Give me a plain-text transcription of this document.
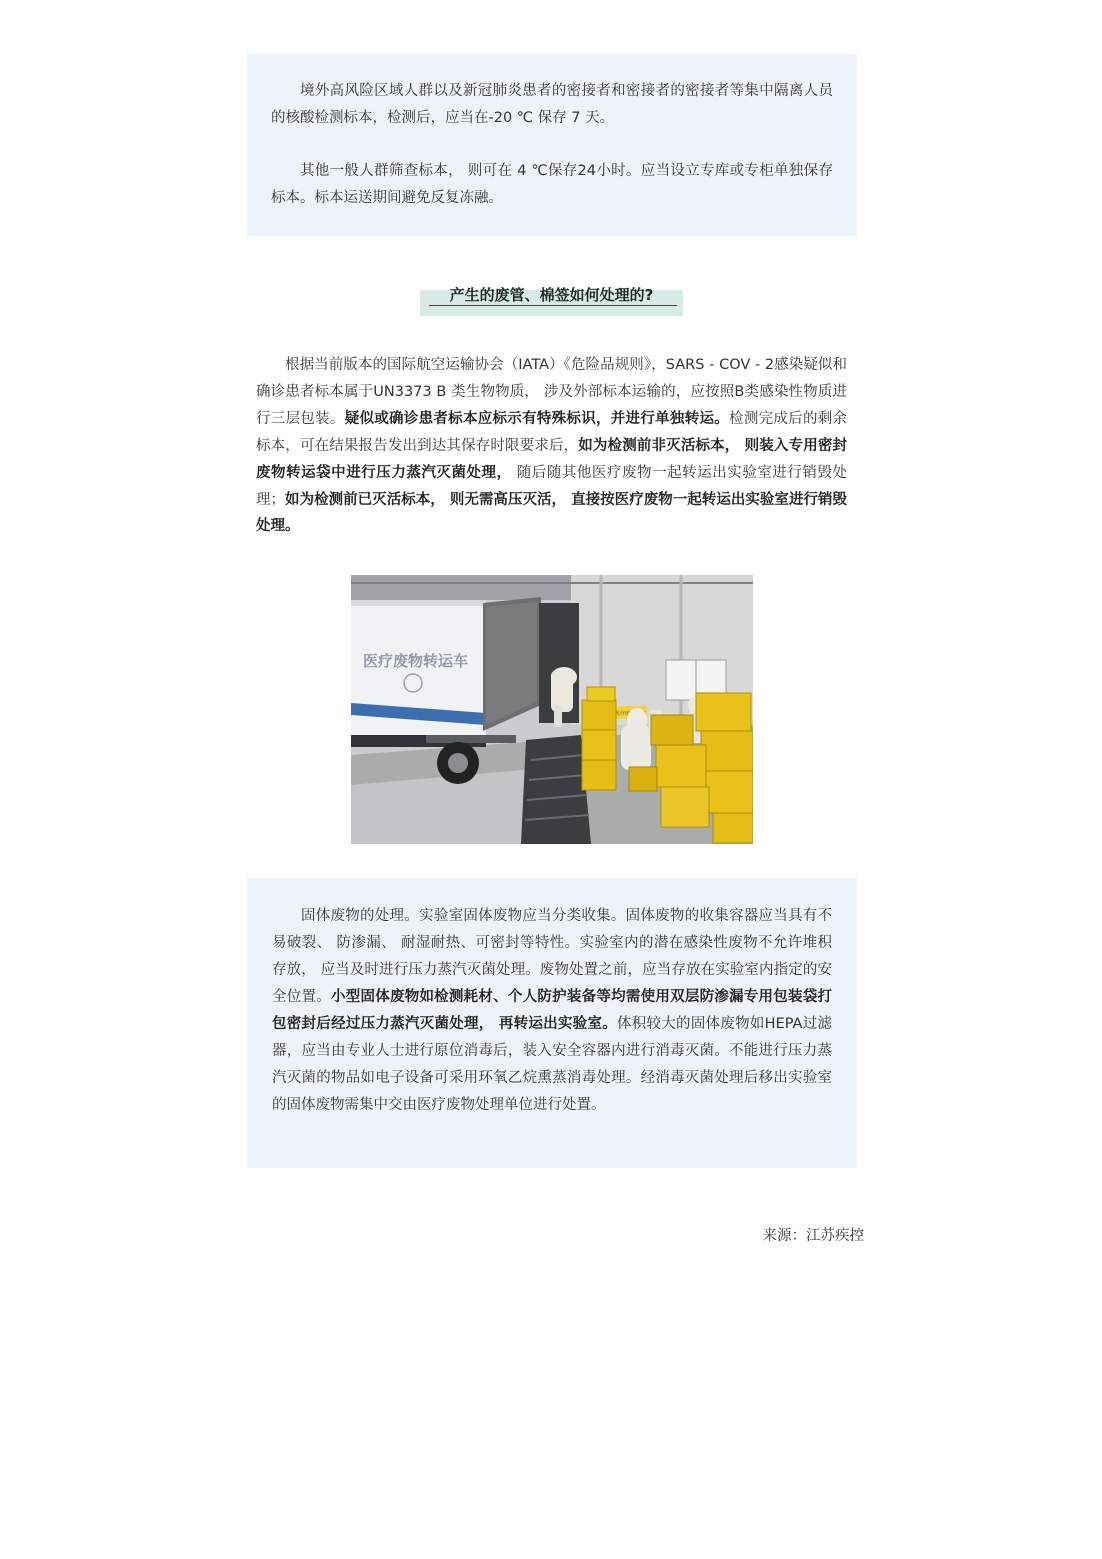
境外高风险区域人群以及新冠肺炎患者的密接者和密接者的密接者等集中隔离人员的核酸检测标本，检测后，应当在-20 ℃ 保存 7 天。

其他一般人群筛查标本， 则可在 4 ℃保存24小时。应当设立专库或专柜单独保存标本。标本运送期间避免反复冻融。

产生的废管、棉签如何处理的?

根据当前版本的国际航空运输协会（IATA）《危险品规则》，SARS - COV - 2感染疑似和确诊患者标本属于UN3373 B 类生物物质， 涉及外部标本运输的，应按照B类感染性物质进行三层包装。疑似或确诊患者标本应标示有特殊标识，并进行单独转运。检测完成后的剩余标本，可在结果报告发出到达其保存时限要求后，如为检测前非灭活标本， 则装入专用密封废物转运袋中进行压力蒸汽灭菌处理， 随后随其他医疗废物一起转运出实验室进行销毁处理；如为检测前已灭活标本， 则无需高压灭活， 直接按医疗废物一起转运出实验室进行销毁处理。

医疗废物转运车

固体废物的处理。实验室固体废物应当分类收集。固体废物的收集容器应当具有不易破裂、 防渗漏、 耐湿耐热、可密封等特性。实验室内的潜在感染性废物不允许堆积存放， 应当及时进行压力蒸汽灭菌处理。废物处置之前，应当存放在实验室内指定的安全位置。小型固体废物如检测耗材、个人防护装备等均需使用双层防渗漏专用包装袋打包密封后经过压力蒸汽灭菌处理， 再转运出实验室。体积较大的固体废物如HEPA过滤器，应当由专业人士进行原位消毒后，装入安全容器内进行消毒灭菌。不能进行压力蒸汽灭菌的物品如电子设备可采用环氧乙烷熏蒸消毒处理。经消毒灭菌处理后移出实验室的固体废物需集中交由医疗废物处理单位进行处置。

来源：江苏疾控
